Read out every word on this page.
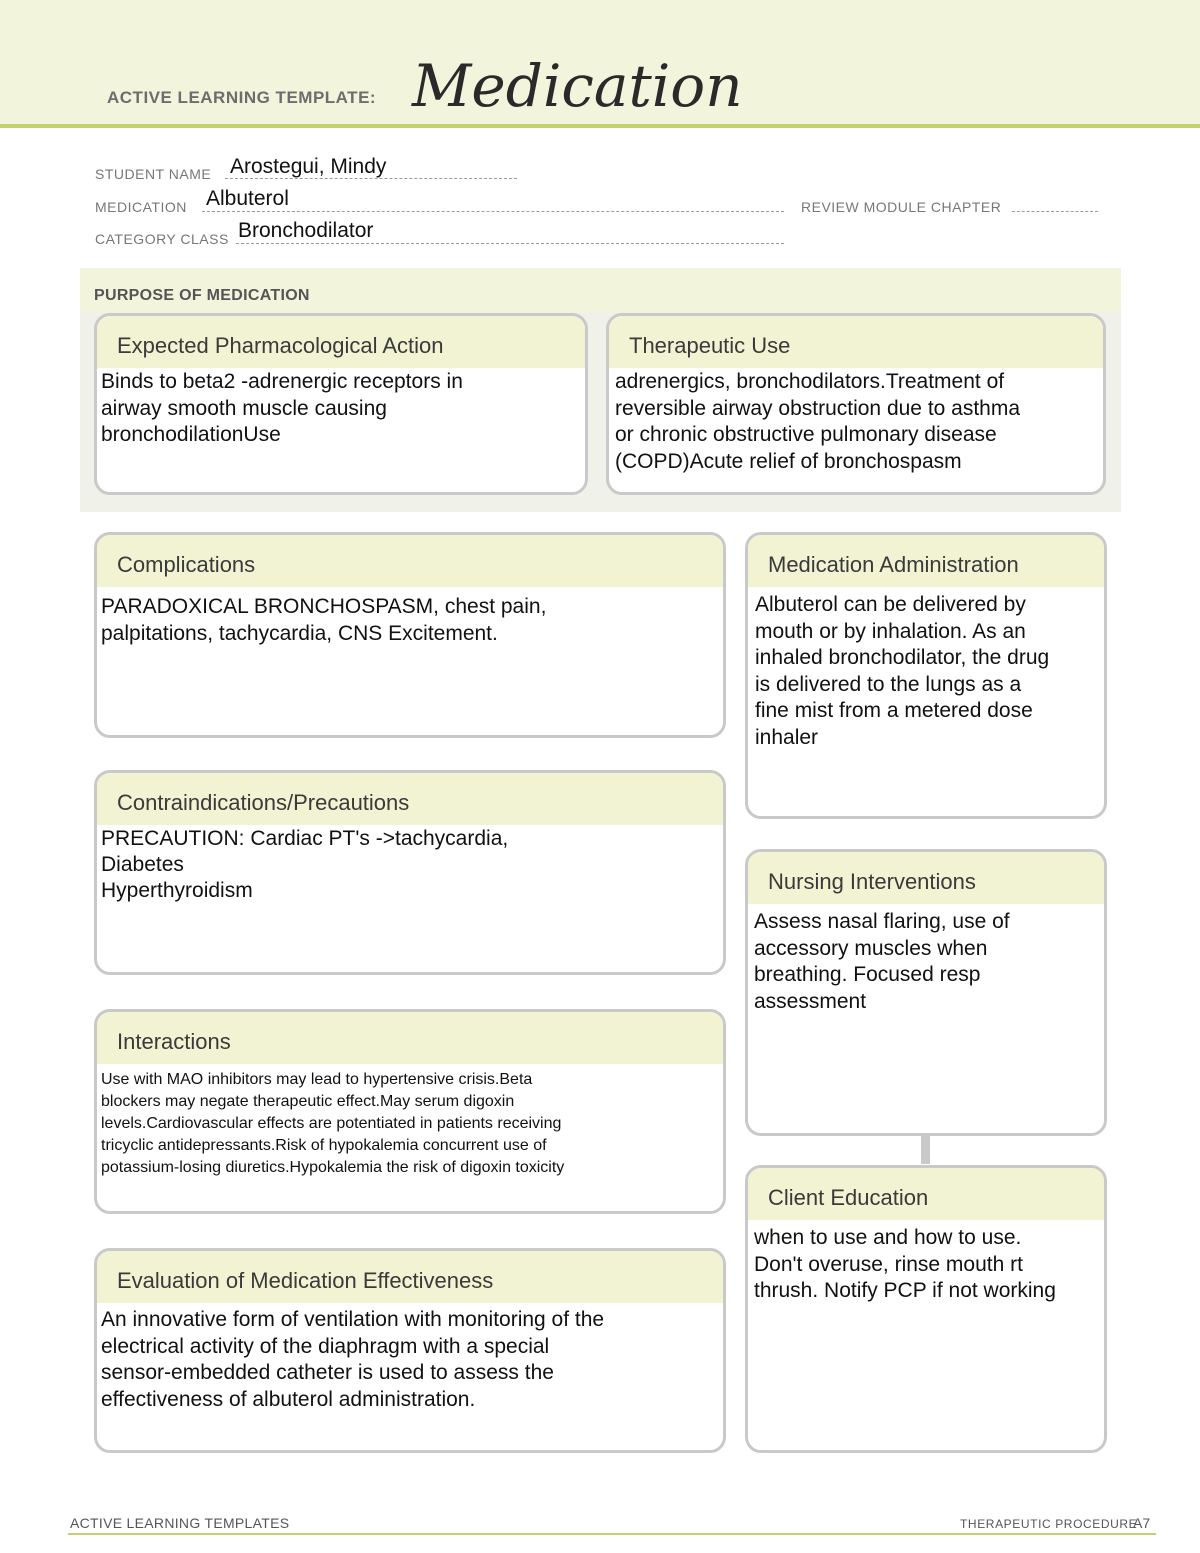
ACTIVE LEARNING TEMPLATE: Medication
STUDENT NAME Arostegui, Mindy
MEDICATION Albuterol	REVIEW MODULE CHAPTER
CATEGORY CLASS Bronchodilator
PURPOSE OF MEDICATION
Expected Pharmacological Action
Binds to beta2 -adrenergic receptors in
airway smooth muscle causing
bronchodilationUse
Therapeutic Use
adrenergics, bronchodilators.Treatment of
reversible airway obstruction due to asthma
or chronic obstructive pulmonary disease
(COPD)Acute relief of bronchospasm
Complications
PARADOXICAL BRONCHOSPASM, chest pain,
palpitations, tachycardia, CNS Excitement.
Contraindications/Precautions
PRECAUTION: Cardiac PT's ->tachycardia,
Diabetes
Hyperthyroidism
Interactions
Use with MAO inhibitors may lead to hypertensive crisis.Beta
blockers may negate therapeutic effect.May serum digoxin
levels.Cardiovascular effects are potentiated in patients receiving
tricyclic antidepressants.Risk of hypokalemia concurrent use of
potassium-losing diuretics.Hypokalemia the risk of digoxin toxicity
Evaluation of Medication Effectiveness
An innovative form of ventilation with monitoring of the
electrical activity of the diaphragm with a special
sensor-embedded catheter is used to assess the
effectiveness of albuterol administration.
Medication Administration
Albuterol can be delivered by
mouth or by inhalation. As an
inhaled bronchodilator, the drug
is delivered to the lungs as a
fine mist from a metered dose
inhaler
Nursing Interventions
Assess nasal flaring, use of
accessory muscles when
breathing. Focused resp
assessment
Client Education
when to use and how to use.
Don't overuse, rinse mouth rt
thrush. Notify PCP if not working
ACTIVE LEARNING TEMPLATES	THERAPEUTIC PROCEDURE
A7
